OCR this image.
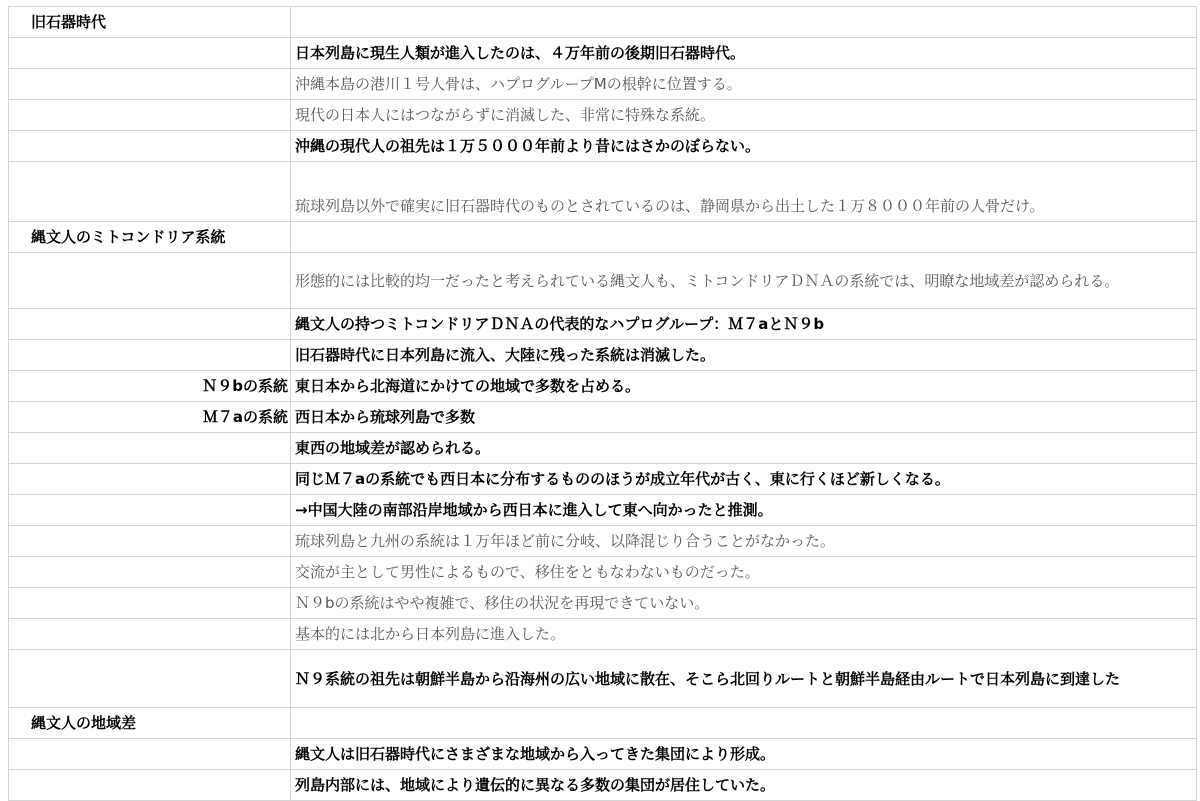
旧石器時代	
	日本列島に現生人類が進入したのは、４万年前の後期旧石器時代。
	沖縄本島の港川１号人骨は、ハプログループMの根幹に位置する。
	現代の日本人にはつながらずに消滅した、非常に特殊な系統。
	沖縄の現代人の祖先は１万５０００年前より昔にはさかのぼらない。
	琉球列島以外で確実に旧石器時代のものとされているのは、静岡県から出土した１万８０００年前の人骨だけ。
縄文人のミトコンドリア系統	
	形態的には比較的均一だったと考えられている縄文人も、ミトコンドリアＤＮＡの系統では、明瞭な地域差が認められる。
	縄文人の持つミトコンドリアＤＮＡの代表的なハプログループ：Ｍ７aとＮ９b
	旧石器時代に日本列島に流入、大陸に残った系統は消滅した。
Ｎ９bの系統	東日本から北海道にかけての地域で多数を占める。
Ｍ７aの系統	西日本から琉球列島で多数
	東西の地域差が認められる。
	同じＭ７aの系統でも西日本に分布するもののほうが成立年代が古く、東に行くほど新しくなる。
	→中国大陸の南部沿岸地域から西日本に進入して東へ向かったと推測。
	琉球列島と九州の系統は１万年ほど前に分岐、以降混じり合うことがなかった。
	交流が主として男性によるもので、移住をともなわないものだった。
	Ｎ９bの系統はやや複雑で、移住の状況を再現できていない。
	基本的には北から日本列島に進入した。
	Ｎ９系統の祖先は朝鮮半島から沿海州の広い地域に散在、そこら北回りルートと朝鮮半島経由ルートで日本列島に到達した
縄文人の地域差	
	縄文人は旧石器時代にさまざまな地域から入ってきた集団により形成。
	列島内部には、地域により遺伝的に異なる多数の集団が居住していた。
